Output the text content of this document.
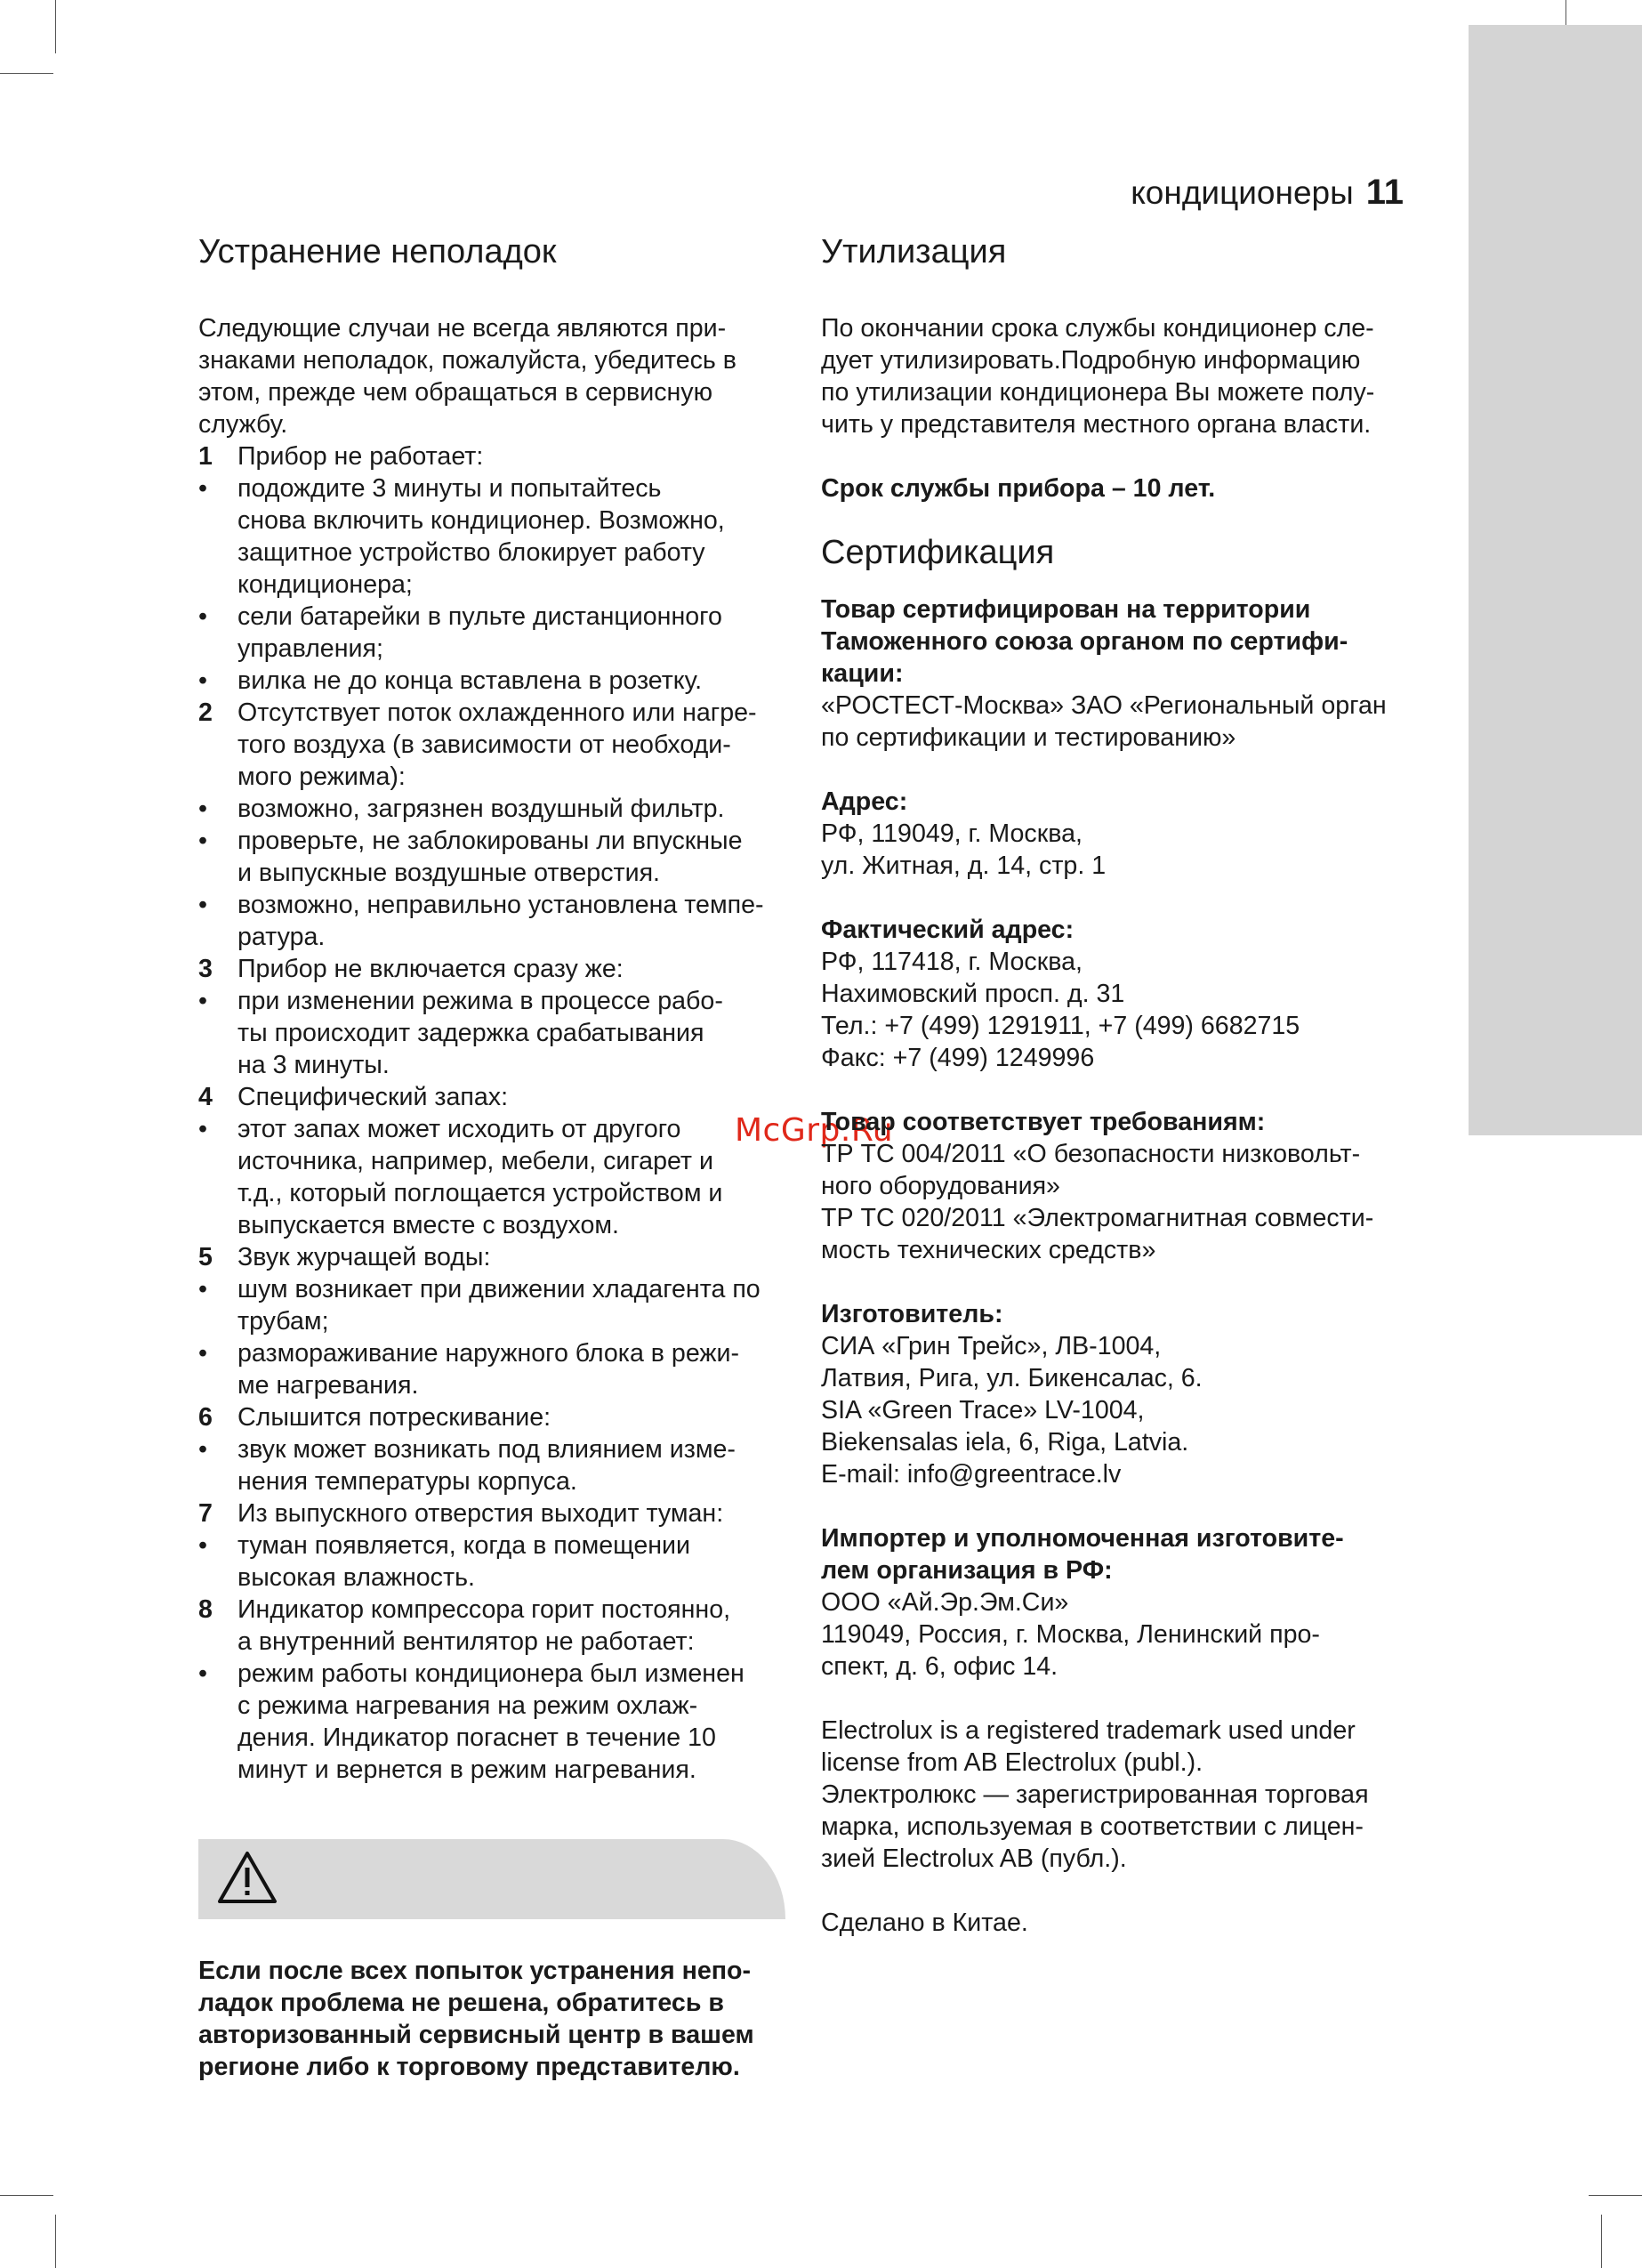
кондиционеры 11
McGrp.Ru
Устранение неполадок
Следующие случаи не всегда являются при-
знаками неполадок, пожалуйста, убедитесь в
этом, прежде чем обращаться в сервисную
службу.
1 Прибор не работает:
•	подождите 3 минуты и попытайтесь
снова включить кондиционер. Возможно,
защитное устройство блокирует работу
кондиционера;
•	сели батарейки в пульте дистанционного
управления;
•	вилка не до конца вставлена в розетку.
2 Отсутствует поток охлажденного или нагре-
того воздуха (в зависимости от необходи-
мого режима):
•	возможно, загрязнен воздушный фильтр.
•	проверьте, не заблокированы ли впускные
и выпускные воздушные отверстия.
•	возможно, неправильно установлена темпе-
ратура.
3 Прибор не включается сразу же:
•	при изменении режима в процессе рабо-
ты происходит задержка срабатывания
на 3 минуты.
4 Специфический запах:
•	этот запах может исходить от другого
источника, например, мебели, сигарет и
т.д., который поглощается устройством и
выпускается вместе с воздухом.
5 Звук журчащей воды:
•	шум возникает при движении хладагента по
трубам;
•	размораживание наружного блока в режи-
ме нагревания.
6 Слышится потрескивание:
•	звук может возникать под влиянием изме-
нения температуры корпуса.
7 Из выпускного отверстия выходит туман:
•	туман появляется, когда в помещении
высокая влажность.
8 Индикатор компрессора горит постоянно,
а внутренний вентилятор не работает:
•	режим работы кондиционера был изменен
с режима нагревания на режим охлаж-
дения. Индикатор погаснет в течение 10
минут и вернется в режим нагревания.
Если после всех попыток устранения непо-
ладок проблема не решена, обратитесь в
авторизованный сервисный центр в вашем
регионе либо к торговому представителю.
Утилизация
По окончании срока службы кондиционер сле-
дует утилизировать.Подробную информацию
по утилизации кондиционера Вы можете полу-
чить у представителя местного органа власти.
Срок службы прибора – 10 лет.
Сертификация
Товар сертифицирован на территории
Таможенного союза органом по сертифи-
кации:
«РОСТЕСТ-Москва» ЗАО «Региональный орган
по сертификации и тестированию»
Адрес:
РФ, 119049, г. Москва,
ул. Житная, д. 14, стр. 1
Фактический адрес:
РФ, 117418, г. Москва,
Нахимовский просп. д. 31
Тел.: +7 (499) 1291911, +7 (499) 6682715
Факс: +7 (499) 1249996
Товар соответствует требованиям:
ТР ТС 004/2011 «О безопасности низковольт-
ного оборудования»
ТР ТС 020/2011 «Электромагнитная совмести-
мость технических средств»
Изготовитель:
СИА «Грин Трейс», ЛВ-1004,
Латвия, Рига, ул. Бикенсалас, 6.
SIA «Green Trace» LV-1004,
Biekensalas iela, 6, Riga, Latvia.
E-mail: info@greentrace.lv
Импортер и уполномоченная изготовите-
лем организация в РФ:
ООО «Ай.Эр.Эм.Си»
119049, Россия, г. Москва, Ленинский про-
спект, д. 6, офис 14.
Electrolux is a registered trademark used under
license from AB Electrolux (publ.).
Электролюкс — зарегистрированная торговая
марка, используемая в соответствии с лицен-
зией Electrolux AB (публ.).
Сделано в Китае.
